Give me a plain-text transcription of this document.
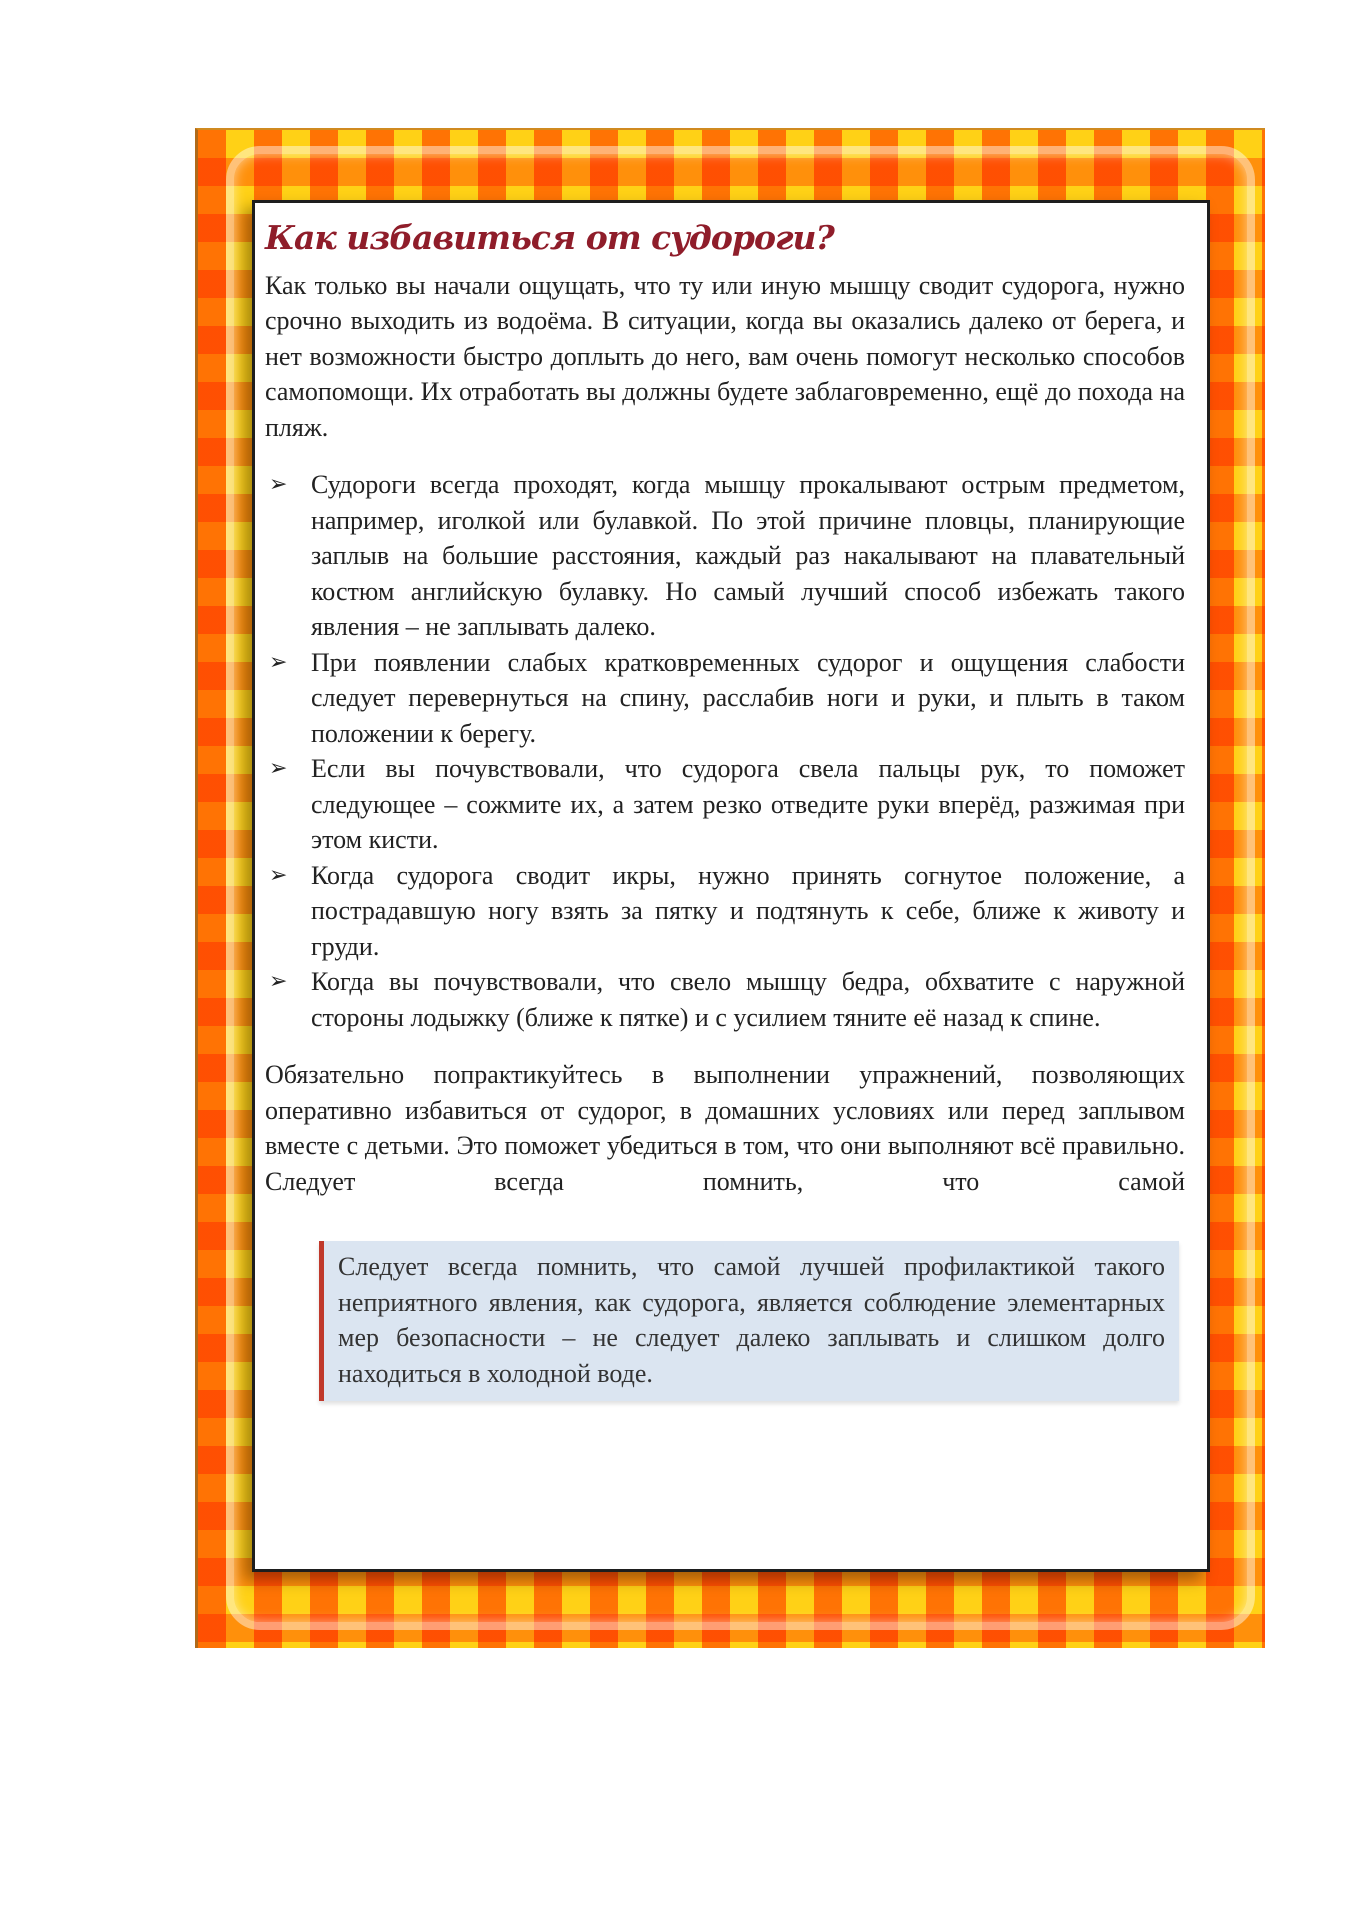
Как избавиться от судороги?

Как только вы начали ощущать, что ту или иную мышцу сводит судорога, нужно срочно выходить из водоёма. В ситуации, когда вы оказались далеко от берега, и нет возможности быстро доплыть до него, вам очень помогут несколько способов самопомощи. Их отработать вы должны будете заблаговременно, ещё до похода на пляж.

➢ Судороги всегда проходят, когда мышцу прокалывают острым предметом, например, иголкой или булавкой. По этой причине пловцы, планирующие заплыв на большие расстояния, каждый раз накалывают на плавательный костюм английскую булавку. Но самый лучший способ избежать такого явления – не заплывать далеко.
➢ При появлении слабых кратковременных судорог и ощущения слабости следует перевернуться на спину, расслабив ноги и руки, и плыть в таком положении к берегу.
➢ Если вы почувствовали, что судорога свела пальцы рук, то поможет следующее – сожмите их, а затем резко отведите руки вперёд, разжимая при этом кисти.
➢ Когда судорога сводит икры, нужно принять согнутое положение, а пострадавшую ногу взять за пятку и подтянуть к себе, ближе к животу и груди.
➢ Когда вы почувствовали, что свело мышцу бедра, обхватите с наружной стороны лодыжку (ближе к пятке) и с усилием тяните её назад к спине.

Обязательно попрактикуйтесь в выполнении упражнений, позволяющих оперативно избавиться от судорог, в домашних условиях или перед заплывом вместе с детьми. Это поможет убедиться в том, что они выполняют всё правильно. Следует всегда помнить, что самой

Следует всегда помнить, что самой лучшей профилактикой такого неприятного явления, как судорога, является соблюдение элементарных мер безопасности – не следует далеко заплывать и слишком долго находиться в холодной воде.
